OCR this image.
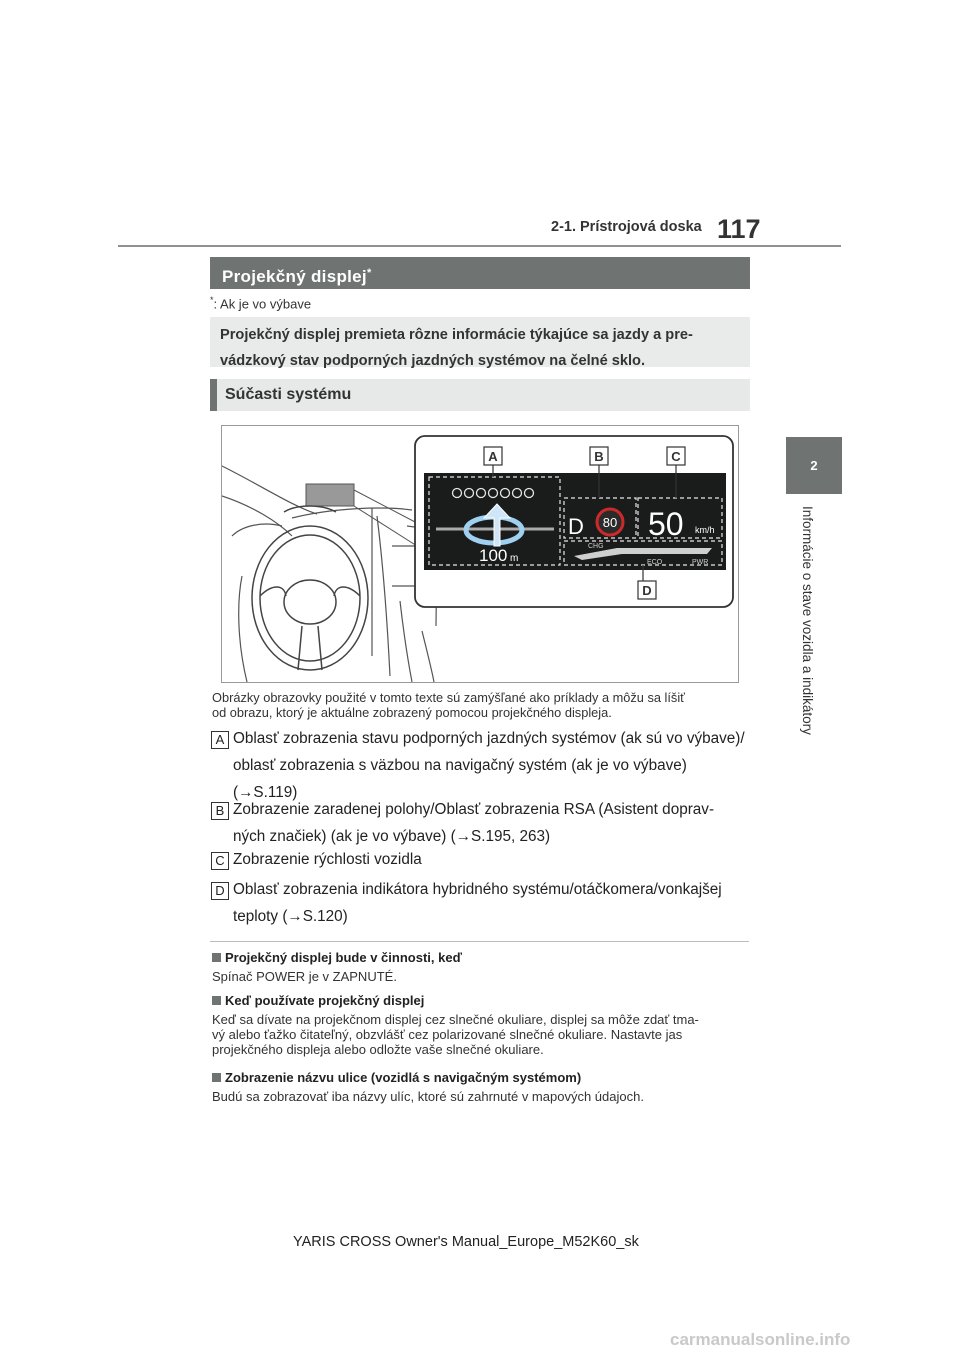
117
2-1. Prístrojová doska
2
Informácie o stave vozidla a indikátory
Projekčný displej*
*: Ak je vo výbave
Projekčný displej premieta rôzne informácie týkajúce sa jazdy a pre-
vádzkový stav podporných jazdných systémov na čelné sklo.
Súčasti systému
100 m
D 80 50 km/h
CHG
ECO	PWR
A	B	C
D
Obrázky obrazovky použité v tomto texte sú zamýšľané ako príklady a môžu sa líšiť
od obrazu, ktorý je aktuálne zobrazený pomocou projekčného displeja.
A Oblasť zobrazenia stavu podporných jazdných systémov (ak sú vo výbave)/
oblasť zobrazenia s väzbou na navigačný systém (ak je vo výbave)
(→S.119)
B Zobrazenie zaradenej polohy/Oblasť zobrazenia RSA (Asistent doprav-
ných značiek) (ak je vo výbave) (→S.195, 263)
C Zobrazenie rýchlosti vozidla
D Oblasť zobrazenia indikátora hybridného systému/otáčkomera/vonkajšej
teploty (→S.120)
Projekčný displej bude v činnosti, keď
Spínač POWER je v ZAPNUTÉ.
Keď používate projekčný displej
Keď sa dívate na projekčnom displej cez slnečné okuliare, displej sa môže zdať tma-
vý alebo ťažko čitateľný, obzvlášť cez polarizované slnečné okuliare. Nastavte jas
projekčného displeja alebo odložte vaše slnečné okuliare.
Zobrazenie názvu ulice (vozidlá s navigačným systémom)
Budú sa zobrazovať iba názvy ulíc, ktoré sú zahrnuté v mapových údajoch.
YARIS CROSS Owner's Manual_Europe_M52K60_sk
carmanualsonline.info
